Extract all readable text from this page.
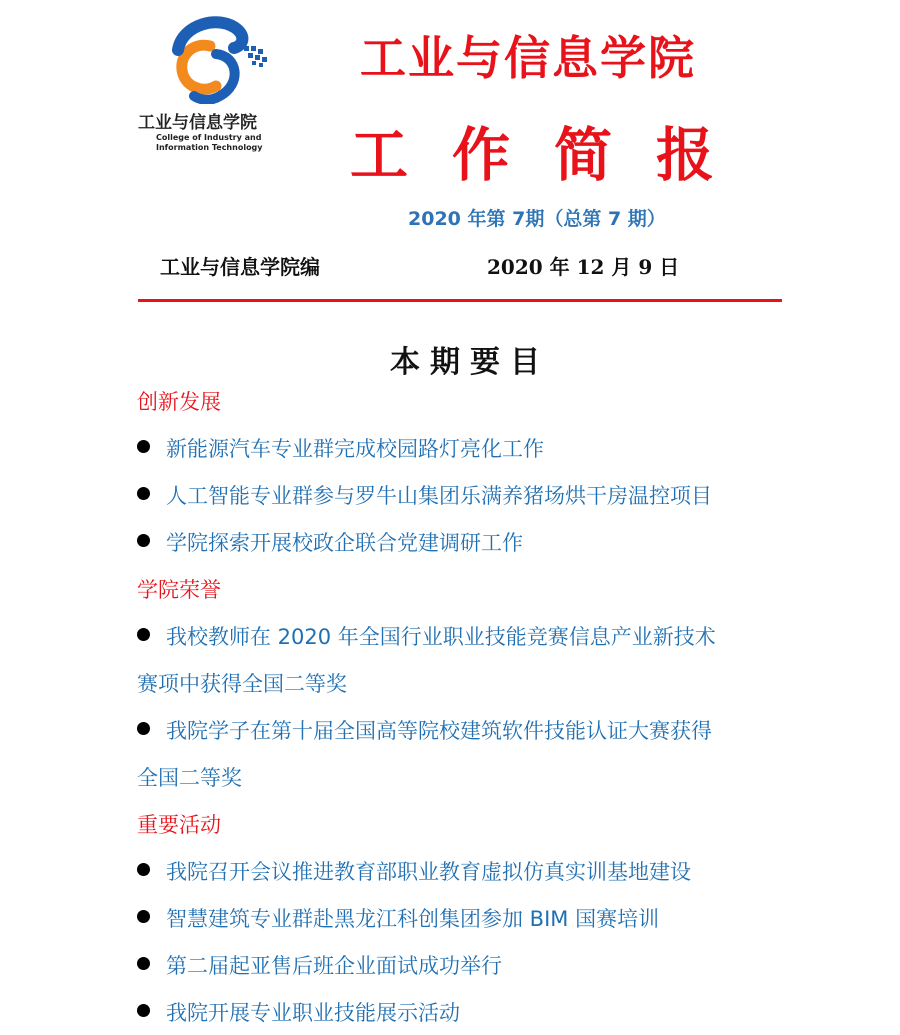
工业与信息学院
College of Industry and
Information Technology
工业与信息学院
工作简报
2020 年第 7期（总第 7 期）
工业与信息学院编	2020 年 12 月 9 日
本期要目
创新发展
新能源汽车专业群完成校园路灯亮化工作
人工智能专业群参与罗牛山集团乐满养猪场烘干房温控项目
学院探索开展校政企联合党建调研工作
学院荣誉
我校教师在 2020 年全国行业职业技能竞赛信息产业新技术
赛项中获得全国二等奖
我院学子在第十届全国高等院校建筑软件技能认证大赛获得
全国二等奖
重要活动
我院召开会议推进教育部职业教育虚拟仿真实训基地建设
智慧建筑专业群赴黑龙江科创集团参加 BIM 国赛培训
第二届起亚售后班企业面试成功举行
我院开展专业职业技能展示活动
